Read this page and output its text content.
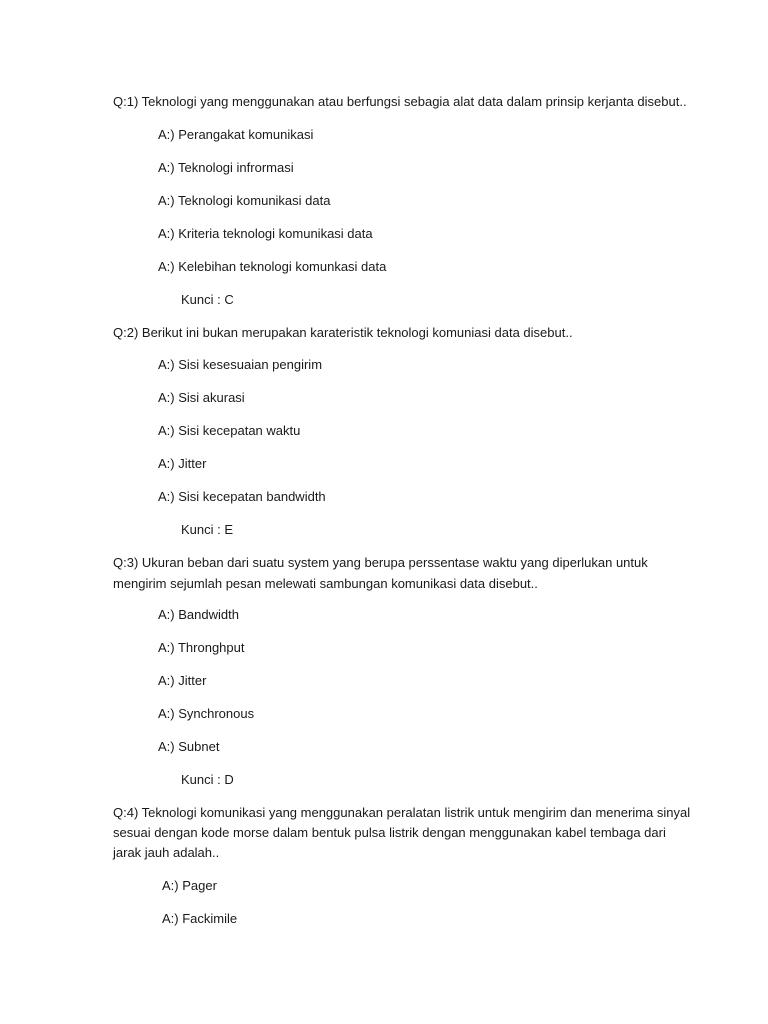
Q:1) Teknologi yang menggunakan atau berfungsi sebagia alat data dalam prinsip kerjanta disebut..
A:) Perangakat komunikasi
A:) Teknologi infrormasi
A:) Teknologi komunikasi data
A:) Kriteria teknologi komunikasi data
A:) Kelebihan teknologi komunkasi data
Kunci : C
Q:2) Berikut ini bukan merupakan karateristik teknologi komuniasi data disebut..
A:) Sisi kesesuaian pengirim
A:) Sisi akurasi
A:) Sisi kecepatan waktu
A:) Jitter
A:) Sisi kecepatan bandwidth
Kunci : E
Q:3) Ukuran beban dari suatu system yang berupa perssentase waktu yang diperlukan untuk
mengirim sejumlah pesan melewati sambungan komunikasi data disebut..
A:) Bandwidth
A:) Thronghput
A:) Jitter
A:) Synchronous
A:) Subnet
Kunci : D
Q:4) Teknologi komunikasi yang menggunakan peralatan listrik untuk mengirim dan menerima sinyal
sesuai dengan kode morse dalam bentuk pulsa listrik dengan menggunakan kabel tembaga dari
jarak jauh adalah..
A:) Pager
A:) Fackimile
